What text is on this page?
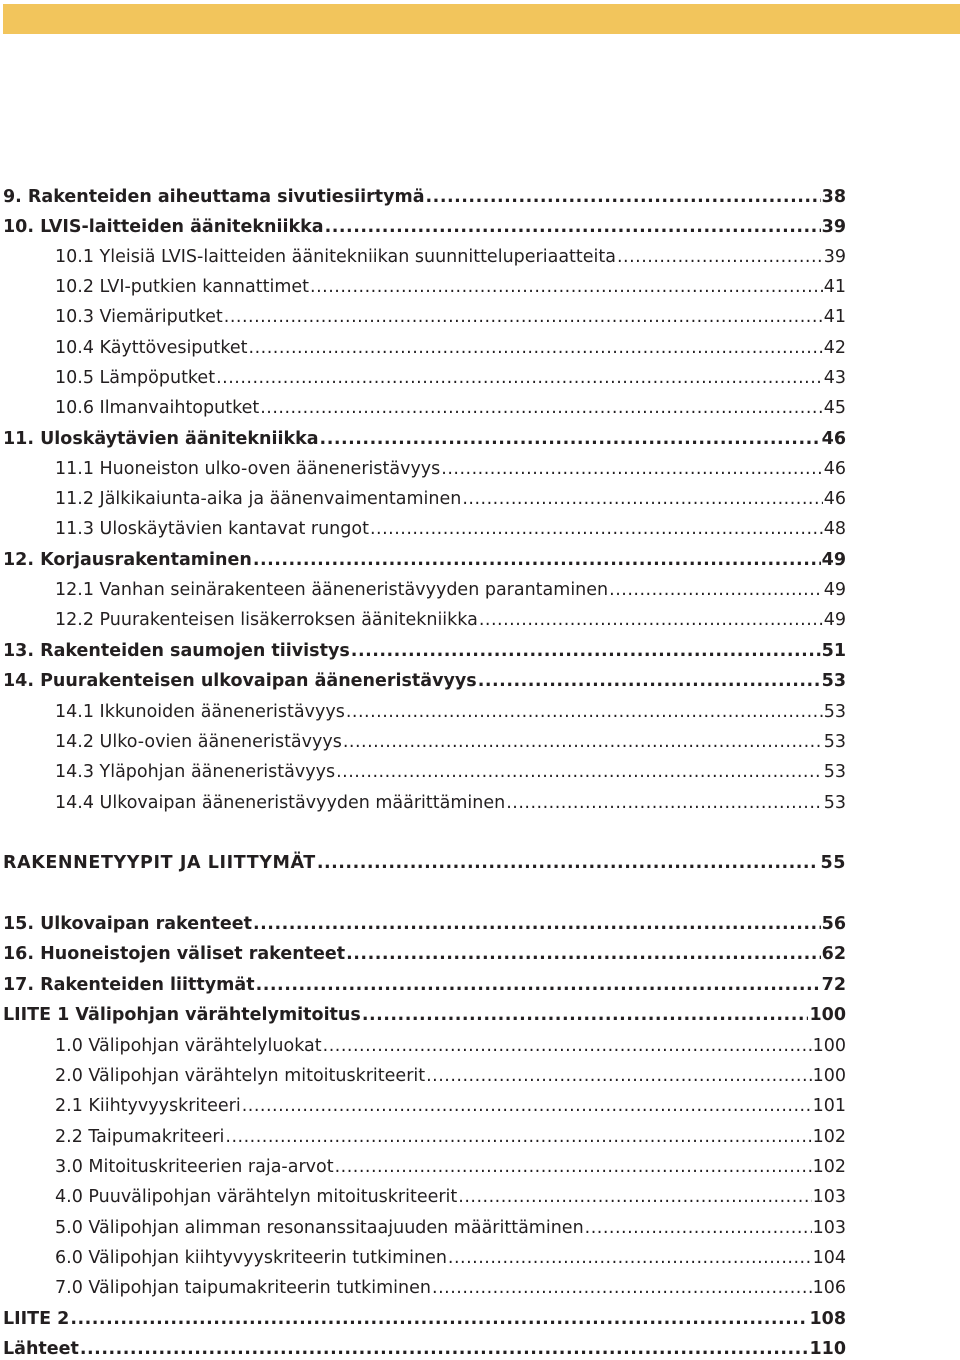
9. Rakenteiden aiheuttama sivutiesiirtymä .....	38
10. LVIS-laitteiden äänitekniikka .....	39
10.1 Yleisiä LVIS-laitteiden äänitekniikan suunnitteluperiaatteita .....	39
10.2 LVI-putkien kannattimet .....	41
10.3 Viemäriputket .....	41
10.4 Käyttövesiputket .....	42
10.5 Lämpöputket .....	43
10.6 Ilmanvaihtoputket .....	45
11. Uloskäytävien äänitekniikka .....	46
11.1 Huoneiston ulko-oven ääneneristävyys .....	46
11.2 Jälkikaiunta-aika ja äänenvaimentaminen .....	46
11.3 Uloskäytävien kantavat rungot .....	48
12. Korjausrakentaminen .....	49
12.1 Vanhan seinärakenteen ääneneristävyyden parantaminen .....	49
12.2 Puurakenteisen lisäkerroksen äänitekniikka .....	49
13. Rakenteiden saumojen tiivistys .....	51
14. Puurakenteisen ulkovaipan ääneneristävyys .....	53
14.1 Ikkunoiden ääneneristävyys .....	53
14.2 Ulko-ovien ääneneristävyys .....	53
14.3 Yläpohjan ääneneristävyys .....	53
14.4 Ulkovaipan ääneneristävyyden määrittäminen .....	53
RAKENNETYYPIT JA LIITTYMÄT .....	55
15. Ulkovaipan rakenteet .....	56
16. Huoneistojen väliset rakenteet .....	62
17. Rakenteiden liittymät .....	72
LIITE 1 Välipohjan värähtelymitoitus .....	100
1.0 Välipohjan värähtelyluokat .....	100
2.0 Välipohjan värähtelyn mitoituskriteerit .....	100
2.1 Kiihtyvyyskriteeri .....	101
2.2 Taipumakriteeri .....	102
3.0 Mitoituskriteerien raja-arvot .....	102
4.0 Puuvälipohjan värähtelyn mitoituskriteerit .....	103
5.0 Välipohjan alimman resonanssitaajuuden määrittäminen .....	103
6.0 Välipohjan kiihtyvyyskriteerin tutkiminen .....	104
7.0 Välipohjan taipumakriteerin tutkiminen .....	106
LIITE 2 .....	108
Lähteet .....	110
